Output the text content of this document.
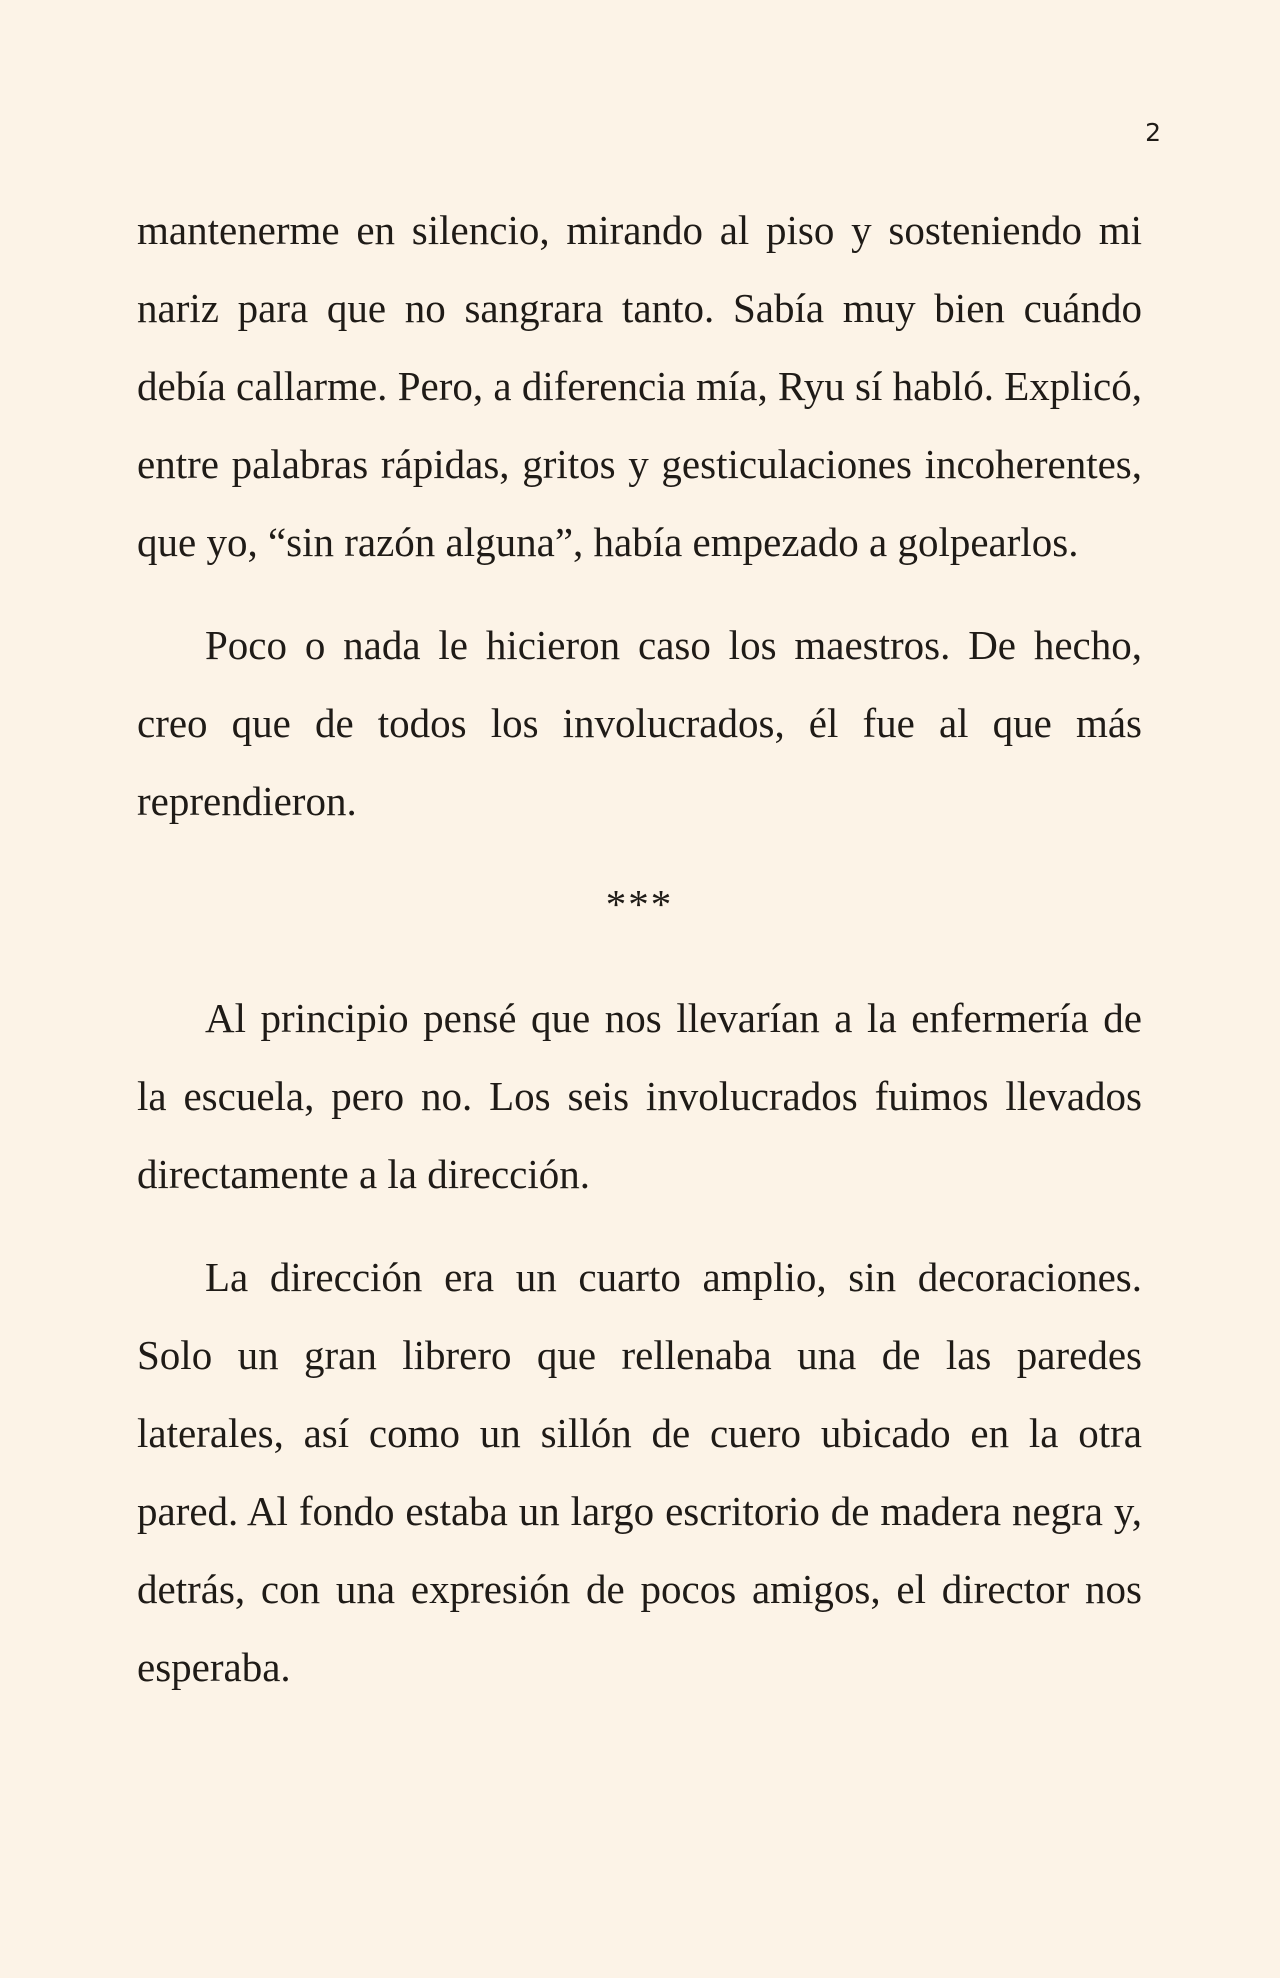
2

mantenerme en silencio, mirando al piso y sosteniendo mi nariz para que no sangrara tanto. Sabía muy bien cuándo debía callarme. Pero, a diferencia mía, Ryu sí habló. Explicó, entre palabras rápidas, gritos y gesticulaciones incoherentes, que yo, “sin razón alguna”, había empezado a golpearlos.

Poco o nada le hicieron caso los maestros. De hecho, creo que de todos los involucrados, él fue al que más reprendieron.

***

Al principio pensé que nos llevarían a la enfermería de la escuela, pero no. Los seis involucrados fuimos llevados directamente a la dirección.

La dirección era un cuarto amplio, sin decoraciones. Solo un gran librero que rellenaba una de las paredes laterales, así como un sillón de cuero ubicado en la otra pared. Al fondo estaba un largo escritorio de madera negra y, detrás, con una expresión de pocos amigos, el director nos esperaba.
